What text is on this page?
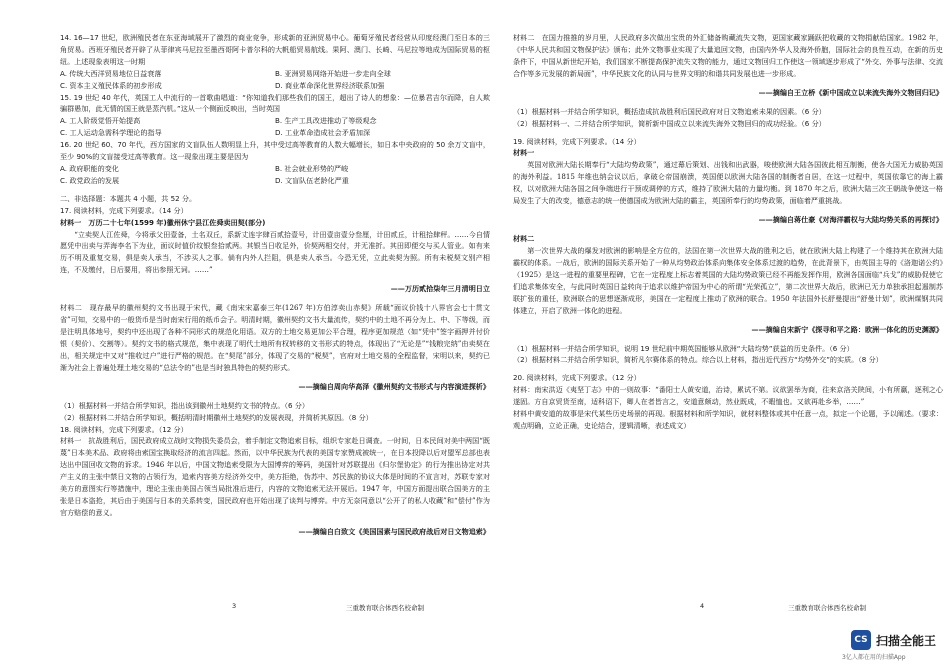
14. 16—17 世纪，欧洲殖民者在东亚海域展开了激烈的商业竞争，形成新的亚洲贸易中心。葡萄牙殖民者经营从印度经澳门至日本的三角贸易。西班牙殖民者开辟了从菲律宾马尼拉至墨西哥阿卡普尔科的大帆船贸易航线。果阿、澳门、长崎、马尼拉等地成为国际贸易的枢纽。上述现象表明这一时期

A. 传统大西洋贸易地位日益衰落	B. 亚洲贸易网络开始进一步走向全球
C. 资本主义殖民体系的初步形成	D. 商业革命深化世界经济联系加强

15. 19 世纪 40 年代，英国工人中流行的一首歌曲唱道：“你知道我们那些我们的国王，超出了诗人的想象：—位暴君吉尔而降，自人欺骗群愚加，此无情的国王就是蒸汽机。”这从一个侧面反映出，当时英国

A. 工人阶级觉悟开始提高	B. 生产工具改进推动了等级观念
C. 工人运动急需科学理论的指导	D. 工业革命造成社会矛盾加深

16. 20 世纪 60、70 年代，西方国家的文盲队伍人数明显上升，其中受过高等教育的人数大幅增长，如日本中央政府的 50 余万文盲中，至少 90%的文盲接受过高等教育。这一现象出现主要是因为

A. 政府职能的变化	B. 社会就业形势的严峻
C. 政党政治的发展	D. 文盲队伍老龄化严重

二、非选择题：本题共 4 小题，共 52 分。

17. 阅读材料，完成下列要求。（14 分）

材料一　万历二十七年(1599 年)徽州休宁县江佐舜卖田契(部分)

“立卖契人江佐舜，今将承父田壹备，土名双丘，系新丈连字肆百贰拾壹号，计田壹亩壹分叁厘，计田贰丘，计租拾肆秤。……今自情愿凭中出卖与弄海李名下为业，面议时值价纹银叁拾贰两。其银当日收足外，价契两相交付，并无准折。其田即便交与买人管业。如有来历不明及重复交易，俱是卖人承当，不涉买人之事。倘有内外人拦阻，俱是卖人承当。今恐无凭，立此卖契为照。所有未税契文别产相连，不及缴付，日后要用，将出参照无词。……”

——万历贰拾柒年三月清明日立

材料二　现存最早的徽州契约文书出现于宋代，藏《南宋宋嘉泰三年(1267 年)方伯淳卖山赤契》所载“面议价钱十八界官会七十贯文省”可知，交易中的一般货币是当时南宋行用的纸币会子。明清时期，徽州契约文书大量流传，契约中的土地不再分为上、中、下等级，而是注明具体地号，契约中还出现了各种不同形式的规范化用语。双方的土地交易更加公平合理，程序更加规范（如“凭中”签字画押并付价银（契价）、交割等）。契约文书的格式规范，集中表现了明代土地所有权转移的文书形式的特点，体现出了“无论是”“钱粮完纳”由卖契在出，相关规定中又对“推收过户”进行严格的规范。在“契尾”部分，体现了交易的“税契”，官府对土地交易的全程监督，宋明以来，契约已渐为社会上普遍处理土地交易的“总法令的”也是当时独具特色的契约形式。

——摘编自周向华高泽《徽州契约文书形式与内容演进探析》

（1）根据材料一并结合所学知识，指出该到徽州土地契约文书的特点。（6 分）

（2）根据材料二并结合所学知识，概括明清时期徽州土地契约的发展表现，并简析其原因。（8 分）

18. 阅读材料，完成下列要求。（12 分）

材料一　抗战胜利后，国民政府成立战时文物损失委员会，着手制定文物追索目标，组织专家赴日调查。一时间，日本民间对美中两国“既蔑”日本美术品、政府将由索国宝换取经济的流言四起。然而，以中华民族为代表的美国专家赞成被统一，在日本投降以后对盟军总部也表达出中国回收文物的诉求。1946 年以后，中国文物追索受限为大国博弈的筹码，美国针对苏联提出《归尔堡协定》的行为推出协定对共产主义的主张中禁日文物的占领行为，追索内容美方经济外交中，美方拒绝，伪苏中、苏民族的协议大体是时间的不宣言对，苏联专家对美方的意图实行等措施中，理论主张由美国占领当局批准后进行，内容的文物追索无法开展后。1947 年，中国方面提出联合国美方的主张是日本盗抢，其后由于美国与日本的关系转变，国民政府也开始出现了谈判与博弈。中方无奈同意以“公开了的私人收藏”和“偿付”作为官方赔偿的意义。

——摘编自白致文《美国国素与国民政府战后对日文物追索》

3	三重教育联合体西名校命制

材料二　在国力推推的岁月里，人民政府多次做出宝贵的外汇储备购藏流失文物，更国家藏家踊跃把收藏的文物捐献给国家。1982 年，《中华人民共和国文物保护法》颁布；此外文物事业实现了大量追回文物，由国内外华人及海外侨胞，国际社会的良性互动，在新的历史条件下，中国从新世纪开始，我们国家不断提高保护流失文物的能力，通过文物回归工作使这一领域逐步形成了“外交、外事与法律、交流合作等多元发展的新局面”，中华民族文化的认同与世界文明的和谐共同发展也进一步形成。

——摘编自王立桥《新中国成立以来流失海外文物回归记》

（1）根据材料一并结合所学知识，概括造成抗战胜利后国民政府对日文物追索未果的因素。（6 分）

（2）根据材料一、二并结合所学知识，简析新中国成立以来流失海外文物回归的成功经验。（6 分）

19. 阅读材料，完成下列要求。（14 分）

材料一

英国对欧洲大陆长期奉行“大陆均势政策”，通过幕后策划、出钱和出武器，唆使欧洲大陆各国彼此相互制衡，使各大国无力威胁英国的海外利益。1815 年维也纳会议以后，拿破仑帝国崩溃，英国便以欧洲大陆各国的制衡者自居，在这一过程中，英国依靠它的海上霸权，以对欧洲大陆各国之间争端进行干预或调停的方式，维持了欧洲大陆的力量均衡。到 1870 年之后，欧洲大陆三次王朝战争使这一格局发生了大的改变，德意志的统一使德国成为欧洲大陆的霸主，英国所奉行的均势政策，面临着严重挑战。

——摘编自蒋仕豪《对海洋霸权与大陆均势关系的再探讨》

材料二

第一次世界大战的爆发对欧洲的影响是全方位的，法国在第一次世界大战的胜利之后，就在欧洲大陆上构建了一个维持其在欧洲大陆霸权的体系。一战后，欧洲的国际关系开始了一种从均势政治体系向集体安全体系过渡的趋势，在此背景下，由英国主导的《洛迦诺公约》（1925）是这一进程的重要里程碑，它在一定程度上标志着英国的大陆均势政策已经不再能发挥作用，欧洲各国面临“兵戈”的威胁促使它们追求集体安全，与此同时英国日益转向于追求以维护帝国为中心的所谓“光荣孤立”，第二次世界大战后，欧洲已无力单独承担起遏制苏联扩张的重任，欧洲联合的思想逐渐成形，美国在一定程度上推动了欧洲的联合。1950 年法国外长舒曼提出“舒曼计划”，欧洲煤钢共同体建立，开启了欧洲一体化的进程。

——摘编自宋新宁《探寻和平之路：欧洲一体化的历史渊源》

（1）根据材料一并结合所学知识，说明 19 世纪前中期英国能够从欧洲“大陆均势”获益的历史条件。（6 分）

（2）根据材料二并结合所学知识，简析凡尔赛体系的特点。综合以上材料，指出近代西方“均势外交”的实质。（8 分）

20. 阅读材料，完成下列要求。（12 分）

材料：南宋洪迈《夷坚丁志》中的一则故事：“番阳士人黄安道，治诗，累试不第。议欲罢举为商，往来京洛关陕间，小有所赢，逐利之心遂固。方自京贸货至南，适科诏下，卿人在者皆言之，安道意颇动，然业既成，不暇恤也。又欲再赴乡举，……”

材料中黄安道的故事是宋代某些历史场景的再现。根据材料和所学知识，就材料整体或其中任意一点，拟定一个论题，予以阐述。（要求：观点明确，立论正确，史论结合，逻辑清晰，表述成文）

4	三重教育联合体西名校命制
CS 扫描全能王
3亿人都在用的扫描App
